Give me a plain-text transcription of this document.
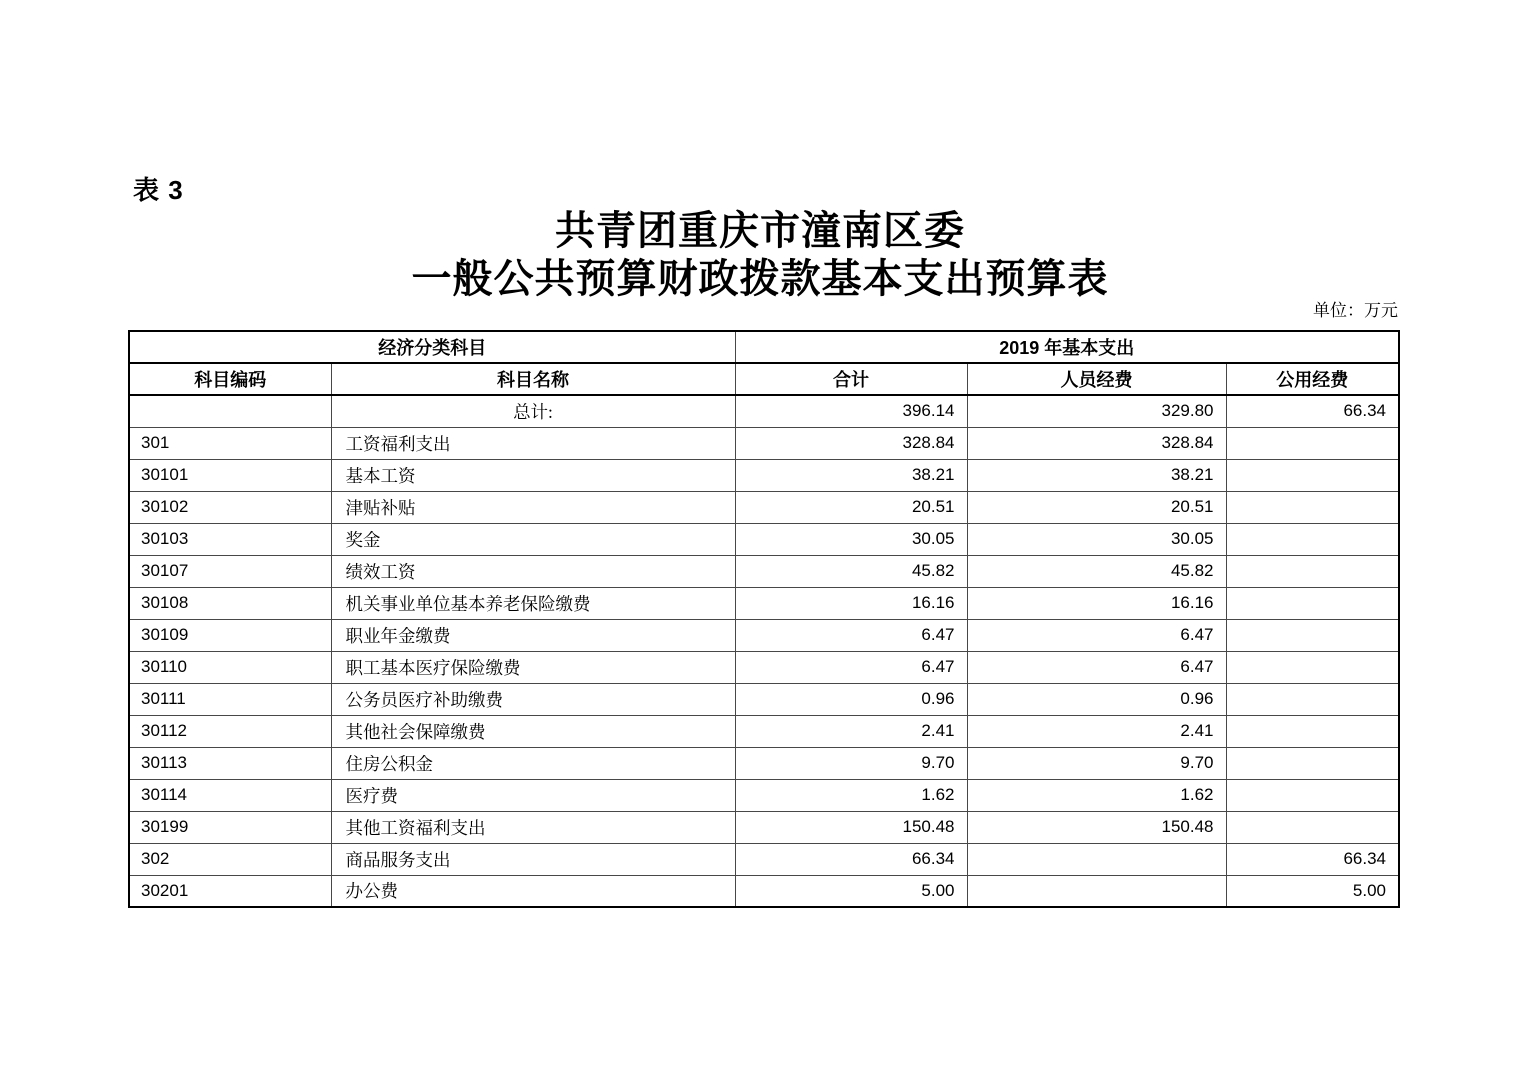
表 3
共青团重庆市潼南区委
一般公共预算财政拨款基本支出预算表
单位：万元
经济分类科目		2019 年基本支出		
科目编码	科目名称	合计	人员经费	公用经费
	总计:	396.14	329.80	66.34
301	工资福利支出	328.84	328.84	
30101	基本工资	38.21	38.21	
30102	津贴补贴	20.51	20.51	
30103	奖金	30.05	30.05	
30107	绩效工资	45.82	45.82	
30108	机关事业单位基本养老保险缴费	16.16	16.16	
30109	职业年金缴费	6.47	6.47	
30110	职工基本医疗保险缴费	6.47	6.47	
30111	公务员医疗补助缴费	0.96	0.96	
30112	其他社会保障缴费	2.41	2.41	
30113	住房公积金	9.70	9.70	
30114	医疗费	1.62	1.62	
30199	其他工资福利支出	150.48	150.48	
302	商品服务支出	66.34		66.34
30201	办公费	5.00		5.00
